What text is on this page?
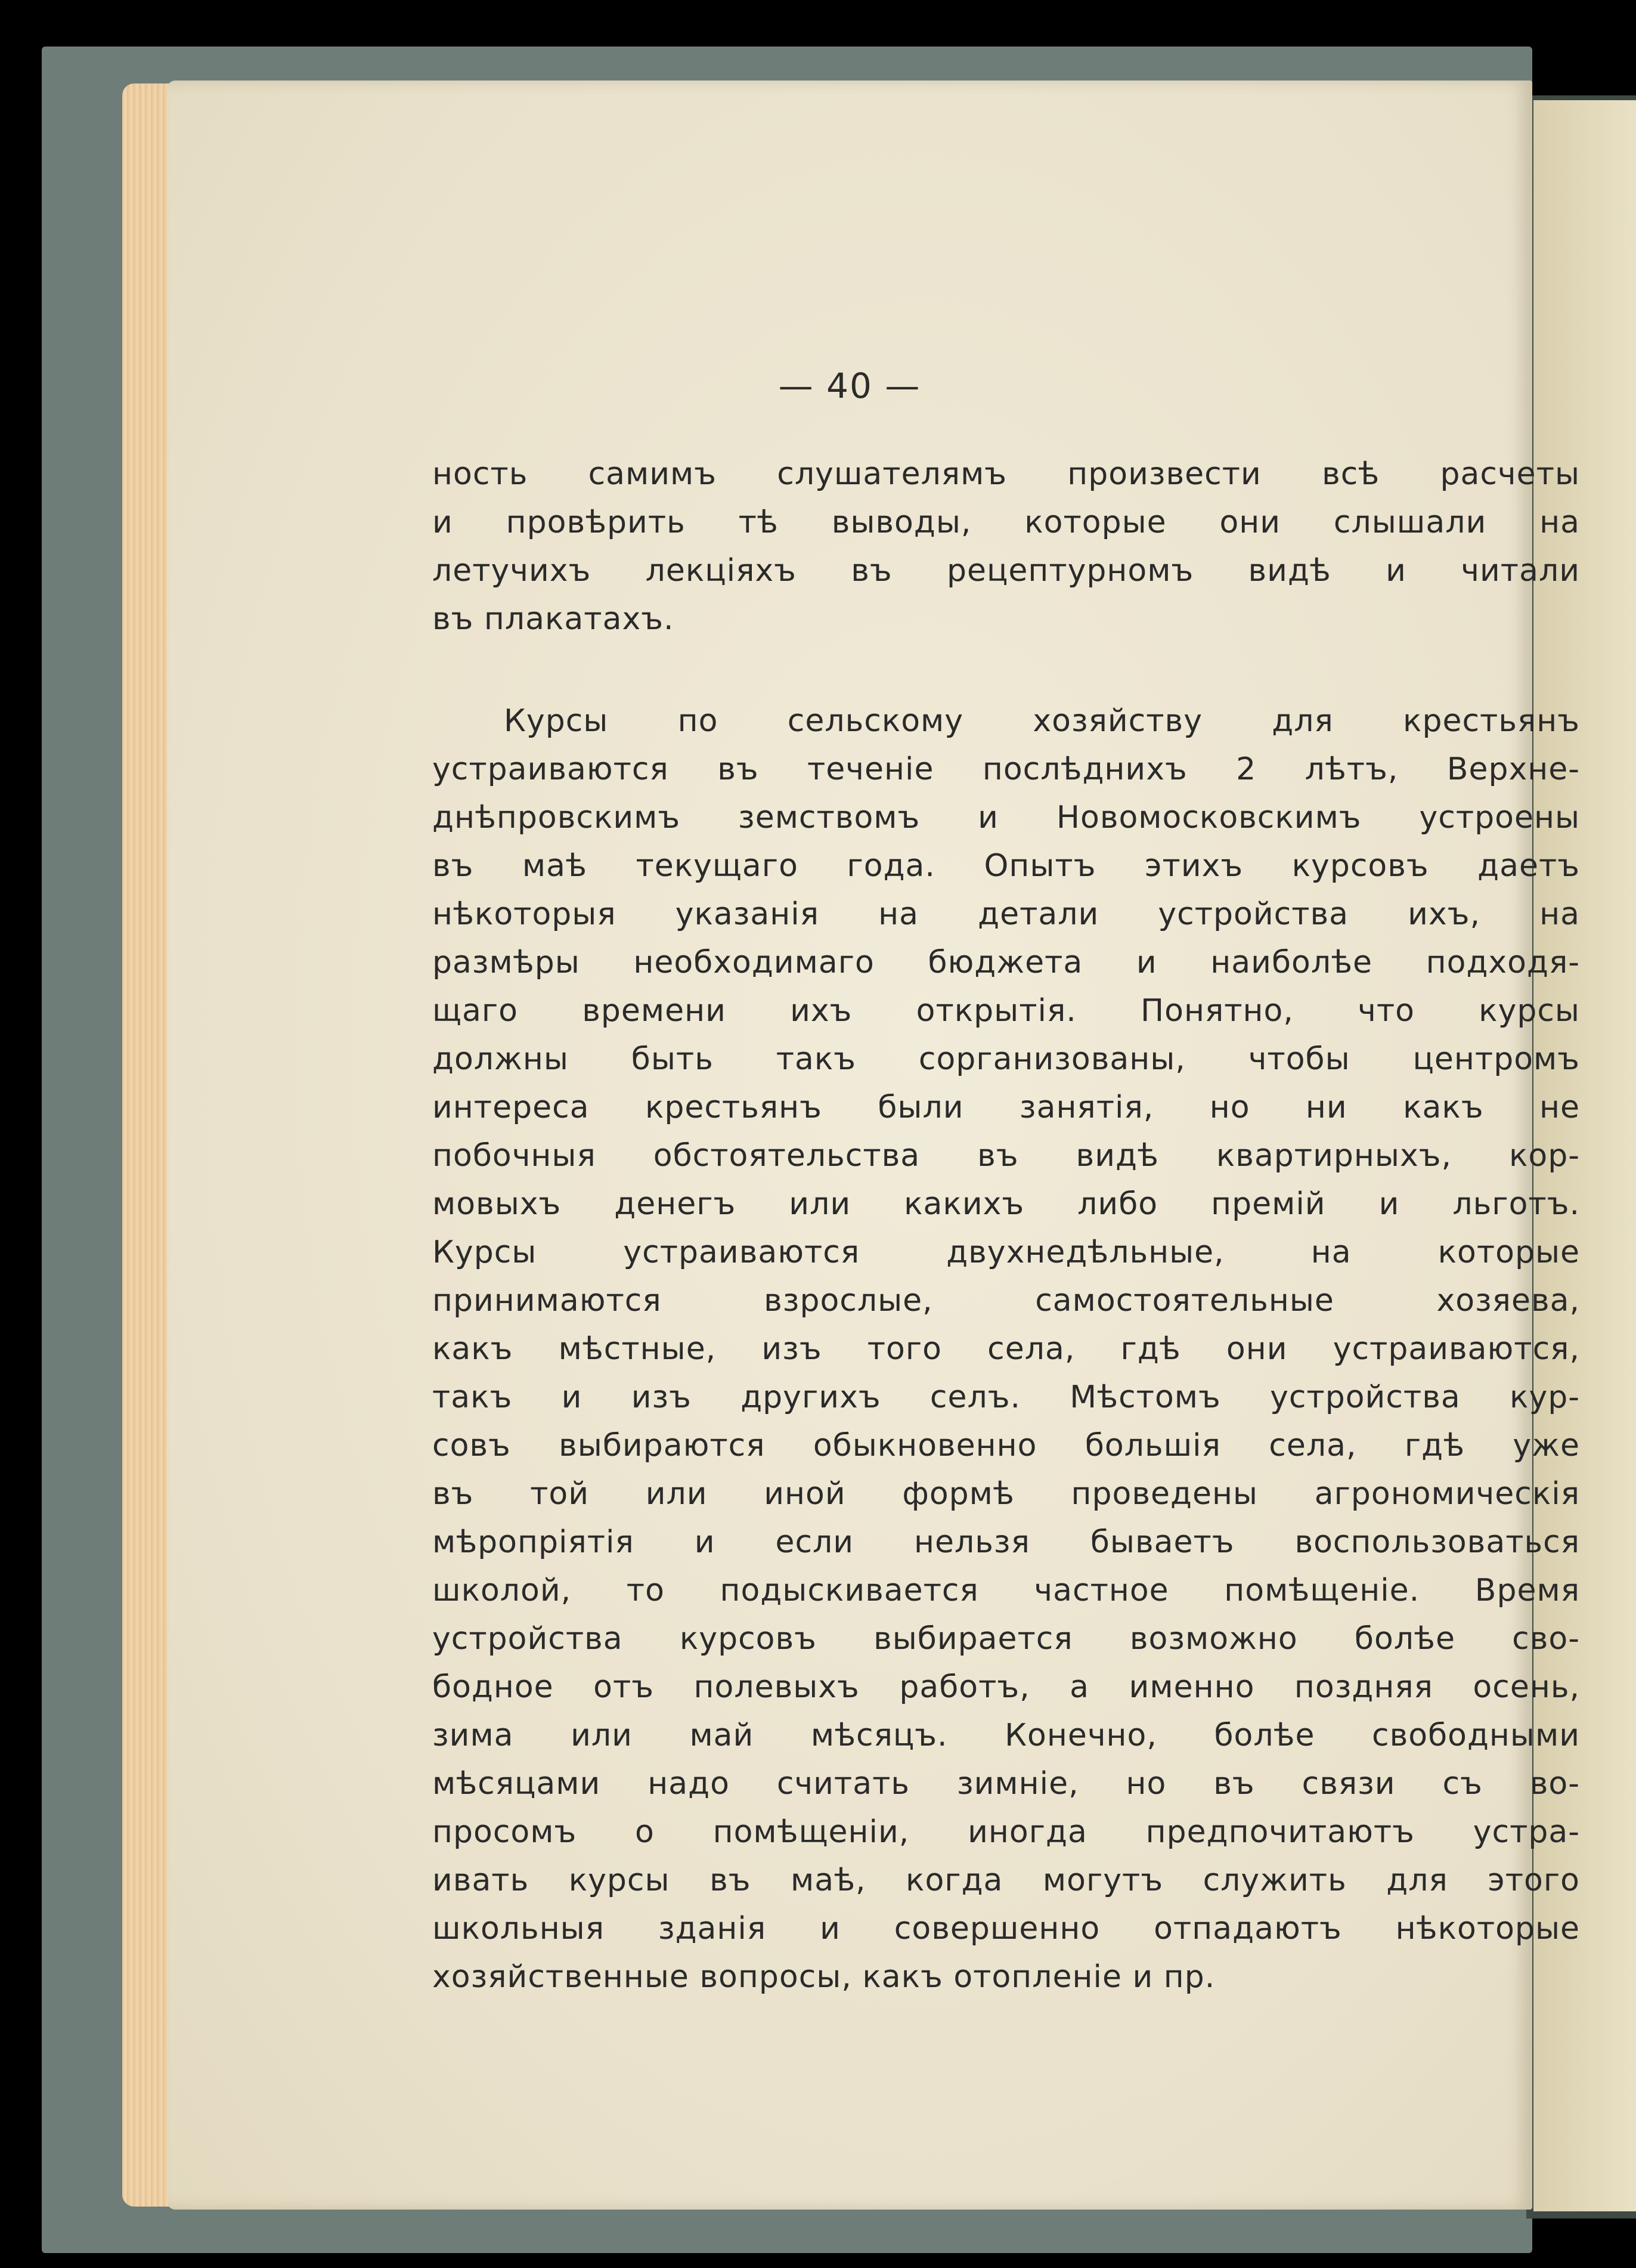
— 40 —
ность самимъ слушателямъ произвести всѣ расчеты
и провѣрить тѣ выводы, которые они слышали на
летучихъ лекціяхъ въ рецептурномъ видѣ и читали
въ плакатахъ.
Курсы по сельскому хозяйству для крестьянъ
устраиваются въ теченіе послѣднихъ 2 лѣтъ, Верхне-
днѣпровскимъ земствомъ и Новомосковскимъ устроены
въ маѣ текущаго года. Опытъ этихъ курсовъ даетъ
нѣкоторыя указанія на детали устройства ихъ, на
размѣры необходимаго бюджета и наиболѣе подходя-
щаго времени ихъ открытія. Понятно, что курсы
должны быть такъ сорганизованы, чтобы центромъ
интереса крестьянъ были занятія, но ни какъ не
побочныя обстоятельства въ видѣ квартирныхъ, кор-
мовыхъ денегъ или какихъ либо премій и льготъ.
Курсы устраиваются двухнедѣльные, на которые
принимаются взрослые, самостоятельные хозяева,
какъ мѣстные, изъ того села, гдѣ они устраиваются,
такъ и изъ другихъ селъ. Мѣстомъ устройства кур-
совъ выбираются обыкновенно большія села, гдѣ уже
въ той или иной формѣ проведены агрономическія
мѣропріятія и если нельзя бываетъ воспользоваться
школой, то подыскивается частное помѣщеніе. Время
устройства курсовъ выбирается возможно болѣе сво-
бодное отъ полевыхъ работъ, а именно поздняя осень,
зима или май мѣсяцъ. Конечно, болѣе свободными
мѣсяцами надо считать зимніе, но въ связи съ во-
просомъ о помѣщеніи, иногда предпочитаютъ устра-
ивать курсы въ маѣ, когда могутъ служить для этого
школьныя зданія и совершенно отпадаютъ нѣкоторые
хозяйственные вопросы, какъ отопленіе и пр.
